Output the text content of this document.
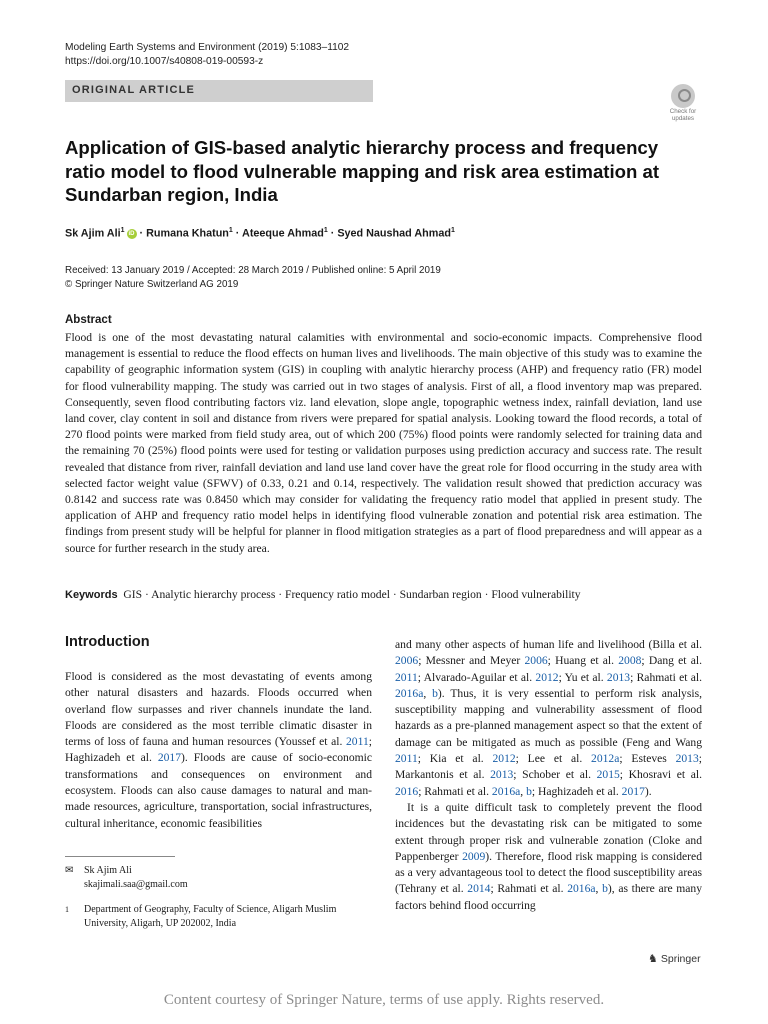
Modeling Earth Systems and Environment (2019) 5:1083–1102
https://doi.org/10.1007/s40808-019-00593-z
ORIGINAL ARTICLE
Check for
updates
Application of GIS-based analytic hierarchy process and frequency ratio model to flood vulnerable mapping and risk area estimation at Sundarban region, India
Sk Ajim Ali$^1$ iD · Rumana Khatun$^1$ · Ateeque Ahmad$^1$ · Syed Naushad Ahmad$^1$
Received: 13 January 2019 / Accepted: 28 March 2019 / Published online: 5 April 2019
© Springer Nature Switzerland AG 2019
Abstract
Flood is one of the most devastating natural calamities with environmental and socio-economic impacts. Comprehensive flood management is essential to reduce the flood effects on human lives and livelihoods. The main objective of this study was to examine the capability of geographic information system (GIS) in coupling with analytic hierarchy process (AHP) and frequency ratio (FR) model for flood vulnerability mapping. The study was carried out in two stages of analysis. First of all, a flood inventory map was prepared. Consequently, seven flood contributing factors viz. land elevation, slope angle, topographic wetness index, rainfall deviation, land use land cover, clay content in soil and distance from rivers were prepared for spatial analysis. Looking toward the flood records, a total of 270 flood points were marked from field study area, out of which 200 (75%) flood points were randomly selected for training data and the remaining 70 (25%) flood points were used for testing or validation purposes using prediction accuracy and success rate. The result revealed that distance from river, rainfall deviation and land use land cover have the great role for flood occurring in the study area with selected factor weight value (SFWV) of 0.33, 0.21 and 0.14, respectively. The validation result showed that prediction accuracy was 0.8142 and success rate was 0.8450 which may consider for validating the frequency ratio model that applied in present study. The application of AHP and frequency ratio model helps in identifying flood vulnerable zonation and potential risk area estimation. The findings from present study will be helpful for planner in flood mitigation strategies as a part of flood preparedness and will appear as a source for further research in the study area.
Keywords GIS · Analytic hierarchy process · Frequency ratio model · Sundarban region · Flood vulnerability
Introduction

Flood is considered as the most devastating of events among other natural disasters and hazards. Floods occurred when overland flow surpasses and river channels inundate the land. Floods are considered as the most terrible climatic disaster in terms of loss of fauna and human resources (Youssef et al. 2011; Haghizadeh et al. 2017). Floods are cause of socio-economic transformations and consequences on environment and ecosystem. Floods can also cause damages to natural and man-made resources, agriculture, transportation, social infrastructures, cultural inheritance, economic feasibilities

and many other aspects of human life and livelihood (Billa et al. 2006; Messner and Meyer 2006; Huang et al. 2008; Dang et al. 2011; Alvarado-Aguilar et al. 2012; Yu et al. 2013; Rahmati et al. 2016a, b). Thus, it is very essential to perform risk analysis, susceptibility mapping and vulnerability assessment of flood hazards as a pre-planned management aspect so that the extent of damage can be mitigated as much as possible (Feng and Wang 2011; Kia et al. 2012; Lee et al. 2012a; Esteves 2013; Markantonis et al. 2013; Schober et al. 2015; Khosravi et al. 2016; Rahmati et al. 2016a, b; Haghizadeh et al. 2017).

It is a quite difficult task to completely prevent the flood incidences but the devastating risk can be mitigated to some extent through proper risk and vulnerable zonation (Cloke and Pappenberger 2009). Therefore, flood risk mapping is considered as a very advantageous tool to detect the flood susceptibility areas (Tehrany et al. 2014; Rahmati et al. 2016a, b), as there are many factors behind flood occurring

✉ Sk Ajim Ali
skajimali.saa@gmail.com
1 Department of Geography, Faculty of Science, Aligarh Muslim University, Aligarh, UP 202002, India
♞ Springer
Content courtesy of Springer Nature, terms of use apply. Rights reserved.
